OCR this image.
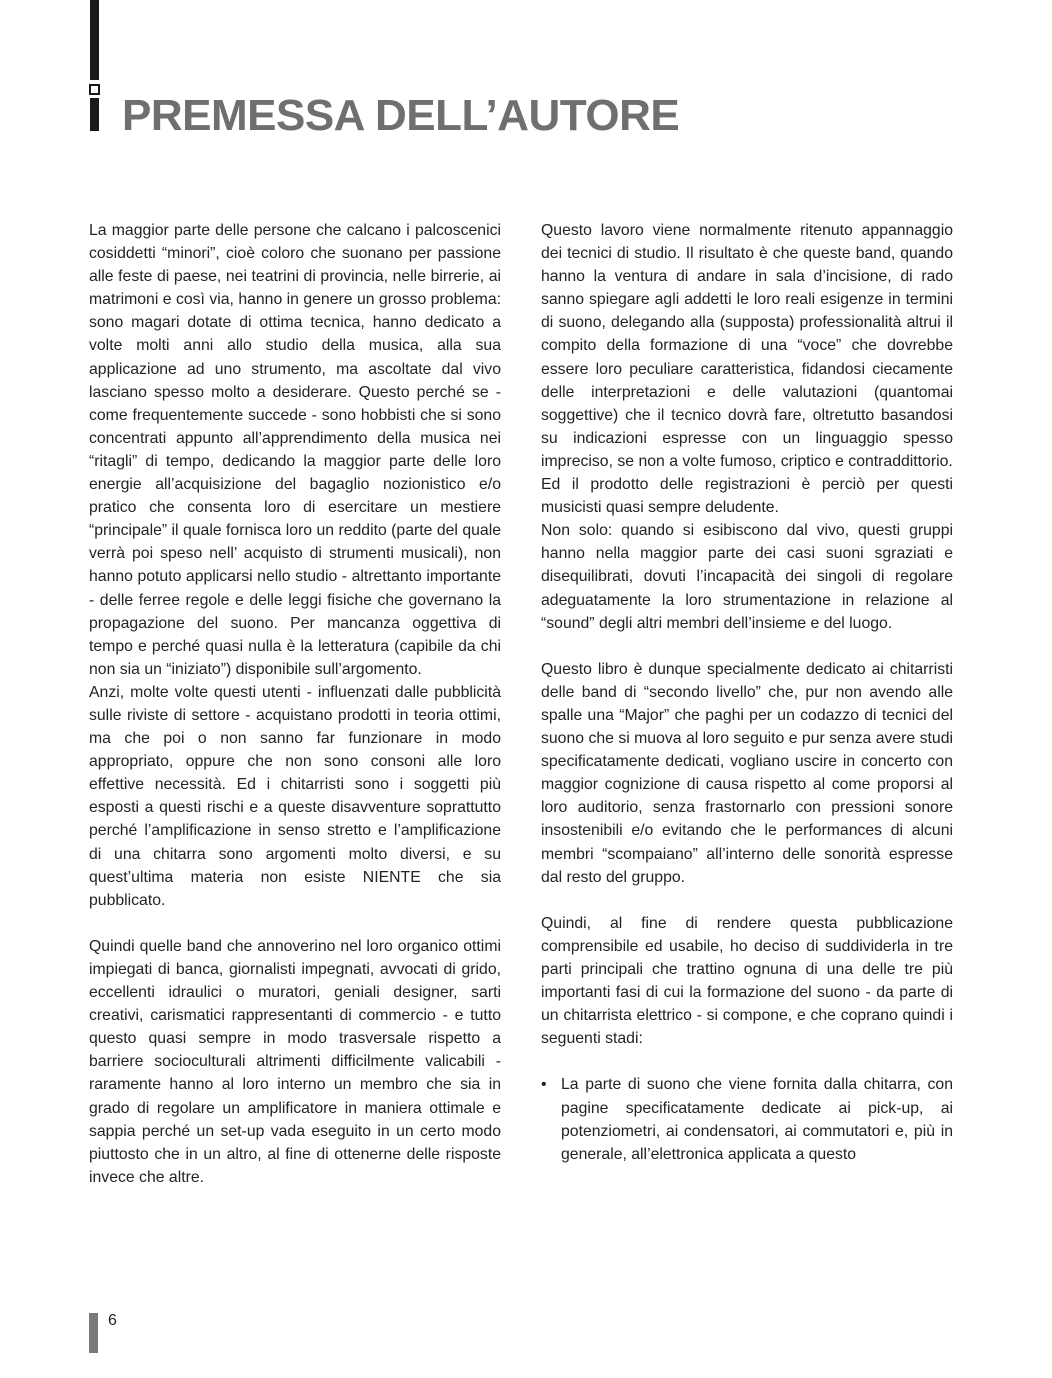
PREMESSA DELL’AUTORE

La maggior parte delle persone che calcano i palcoscenici cosiddetti “minori”, cioè coloro che suonano per passione alle feste di paese, nei teatrini di provincia, nelle birrerie, ai matrimoni e così via, hanno in genere un grosso problema: sono magari dotate di ottima tecnica, hanno dedicato a volte molti anni allo studio della musica, alla sua applicazione ad uno strumento, ma ascoltate dal vivo lasciano spesso molto a desiderare. Questo perché se - come frequentemente succede - sono hobbisti che si sono concentrati appunto all’apprendimento della musica nei “ritagli” di tempo, dedicando la maggior parte delle loro energie all’acquisizione del bagaglio nozionistico e/o pratico che consenta loro di esercitare un mestiere “principale” il quale fornisca loro un reddito (parte del quale verrà poi speso nell’ acquisto di strumenti musicali), non hanno potuto applicarsi nello studio - altrettanto importante - delle ferree regole e delle leggi fisiche che governano la propagazione del suono. Per mancanza oggettiva di tempo e perché quasi nulla è la letteratura (capibile da chi non sia un “iniziato”) disponibile sull’argomento.

Anzi, molte volte questi utenti - influenzati dalle pubblicità sulle riviste di settore - acquistano prodotti in teoria ottimi, ma che poi o non sanno far funzionare in modo appropriato, oppure che non sono consoni alle loro effettive necessità. Ed i chitarristi sono i soggetti più esposti a questi rischi e a queste disavventure soprattutto perché l’amplificazione in senso stretto e l’amplificazione di una chitarra sono argomenti molto diversi, e su quest’ultima materia non esiste NIENTE che sia pubblicato.

Quindi quelle band che annoverino nel loro organico ottimi impiegati di banca, giornalisti impegnati, avvocati di grido, eccellenti idraulici o muratori, geniali designer, sarti creativi, carismatici rappresentanti di commercio - e tutto questo quasi sempre in modo trasversale rispetto a barriere socioculturali altrimenti difficilmente valicabili - raramente hanno al loro interno un membro che sia in grado di regolare un amplificatore in maniera ottimale e sappia perché un set-up vada eseguito in un certo modo piuttosto che in un altro, al fine di ottenerne delle risposte invece che altre.

Questo lavoro viene normalmente ritenuto appannaggio dei tecnici di studio. Il risultato è che queste band, quando hanno la ventura di andare in sala d’incisione, di rado sanno spiegare agli addetti le loro reali esigenze in termini di suono, delegando alla (supposta) professionalità altrui il compito della formazione di una “voce” che dovrebbe essere loro peculiare caratteristica, fidandosi ciecamente delle interpretazioni e delle valutazioni (quantomai soggettive) che il tecnico dovrà fare, oltretutto basandosi su indicazioni espresse con un linguaggio spesso impreciso, se non a volte fumoso, criptico e contraddittorio.

Ed il prodotto delle registrazioni è perciò per questi musicisti quasi sempre deludente.

Non solo: quando si esibiscono dal vivo, questi gruppi hanno nella maggior parte dei casi suoni sgraziati e disequilibrati, dovuti l’incapacità dei singoli di regolare adeguatamente la loro strumentazione in relazione al “sound” degli altri membri dell’insieme e del luogo.

Questo libro è dunque specialmente dedicato ai chitarristi delle band di “secondo livello” che, pur non avendo alle spalle una “Major” che paghi per un codazzo di tecnici del suono che si muova al loro seguito e pur senza avere studi specificatamente dedicati, vogliano uscire in concerto con maggior cognizione di causa rispetto al come proporsi al loro auditorio, senza frastornarlo con pressioni sonore insostenibili e/o evitando che le performances di alcuni membri “scompaiano” all’interno delle sonorità espresse dal resto del gruppo.

Quindi, al fine di rendere questa pubblicazione comprensibile ed usabile, ho deciso di suddividerla in tre parti principali che trattino ognuna di una delle tre più importanti fasi di cui la formazione del suono - da parte di un chitarrista elettrico - si compone, e che coprano quindi i seguenti stadi:

• La parte di suono che viene fornita dalla chitarra, con pagine specificatamente dedicate ai pick-up, ai potenziometri, ai condensatori, ai commutatori e, più in generale, all’elettronica applicata a questo
6
